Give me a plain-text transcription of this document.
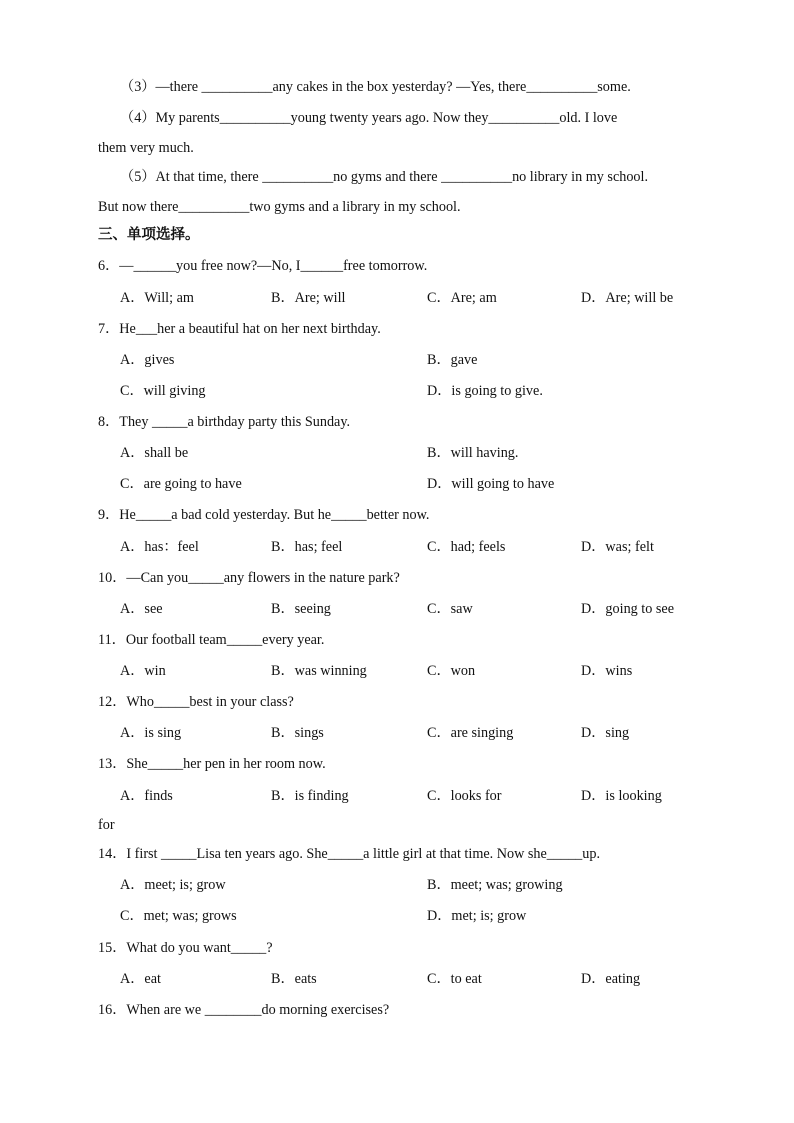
（3）—there __________any cakes in the box yesterday? —Yes, there__________some.
（4）My parents__________young twenty years ago. Now they__________old. I love
them very much.
（5）At that time, there __________no gyms and there __________no library in my school.
But now there__________two gyms and a library in my school.
三、单项选择。
6．—______you free now?—No, I______free tomorrow.
A．Will; am	B．Are; will	C．Are; am	D．Are; will be
7．He___her a beautiful hat on her next birthday.
A．gives	B．gave
C．will giving	D．is going to give.
8．They _____a birthday party this Sunday.
A．shall be	B．will having.
C．are going to have	D．will going to have
9．He_____a bad cold yesterday. But he_____better now.
A．has：feel	B．has; feel	C．had; feels	D．was; felt
10．—Can you_____any flowers in the nature park?
A．see	B．seeing	C．saw	D．going to see
11．Our football team_____every year.
A．win	B．was winning	C．won	D．wins
12．Who_____best in your class?
A．is sing	B．sings	C．are singing	D．sing
13．She_____her pen in her room now.
A．finds	B．is finding	C．looks for	D．is looking
for
14．I first _____Lisa ten years ago. She_____a little girl at that time. Now she_____up.
A．meet; is; grow	B．meet; was; growing
C．met; was; grows	D．met; is; grow
15．What do you want_____?
A．eat	B．eats	C．to eat	D．eating
16．When are we ________do morning exercises?
